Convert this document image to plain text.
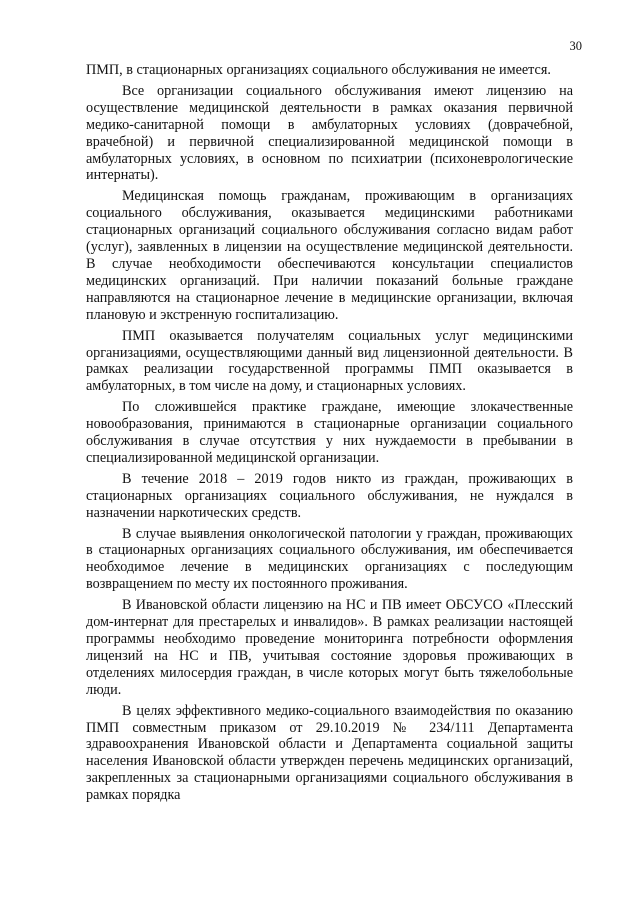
30

ПМП, в стационарных организациях социального обслуживания не имеется.

Все организации социального обслуживания имеют лицензию на осуществление медицинской деятельности в рамках оказания первичной медико-санитарной помощи в амбулаторных условиях (доврачебной, врачебной) и первичной специализированной медицинской помощи в амбулаторных условиях, в основном по психиатрии (психоневрологические интернаты).

Медицинская помощь гражданам, проживающим в организациях социального обслуживания, оказывается медицинскими работниками стационарных организаций социального обслуживания согласно видам работ (услуг), заявленных в лицензии на осуществление медицинской деятельности. В случае необходимости обеспечиваются консультации специалистов медицинских организаций. При наличии показаний больные граждане направляются на стационарное лечение в медицинские организации, включая плановую и экстренную госпитализацию.

ПМП оказывается получателям социальных услуг медицинскими организациями, осуществляющими данный вид лицензионной деятельности. В рамках реализации государственной программы ПМП оказывается в амбулаторных, в том числе на дому, и стационарных условиях.

По сложившейся практике граждане, имеющие злокачественные новообразования, принимаются в стационарные организации социального обслуживания в случае отсутствия у них нуждаемости в пребывании в специализированной медицинской организации.

В течение 2018 – 2019 годов никто из граждан, проживающих в стационарных организациях социального обслуживания, не нуждался в назначении наркотических средств.

В случае выявления онкологической патологии у граждан, проживающих в стационарных организациях социального обслуживания, им обеспечивается необходимое лечение в медицинских организациях с последующим возвращением по месту их постоянного проживания.

В Ивановской области лицензию на НС и ПВ имеет ОБСУСО «Плесский дом-интернат для престарелых и инвалидов». В рамках реализации настоящей программы необходимо проведение мониторинга потребности оформления лицензий на НС и ПВ, учитывая состояние здоровья проживающих в отделениях милосердия граждан, в числе которых могут быть тяжелобольные люди.

В целях эффективного медико-социального взаимодействия по оказанию ПМП совместным приказом от 29.10.2019 № 234/111 Департамента здравоохранения Ивановской области и Департамента социальной защиты населения Ивановской области утвержден перечень медицинских организаций, закрепленных за стационарными организациями социального обслуживания в рамках порядка
